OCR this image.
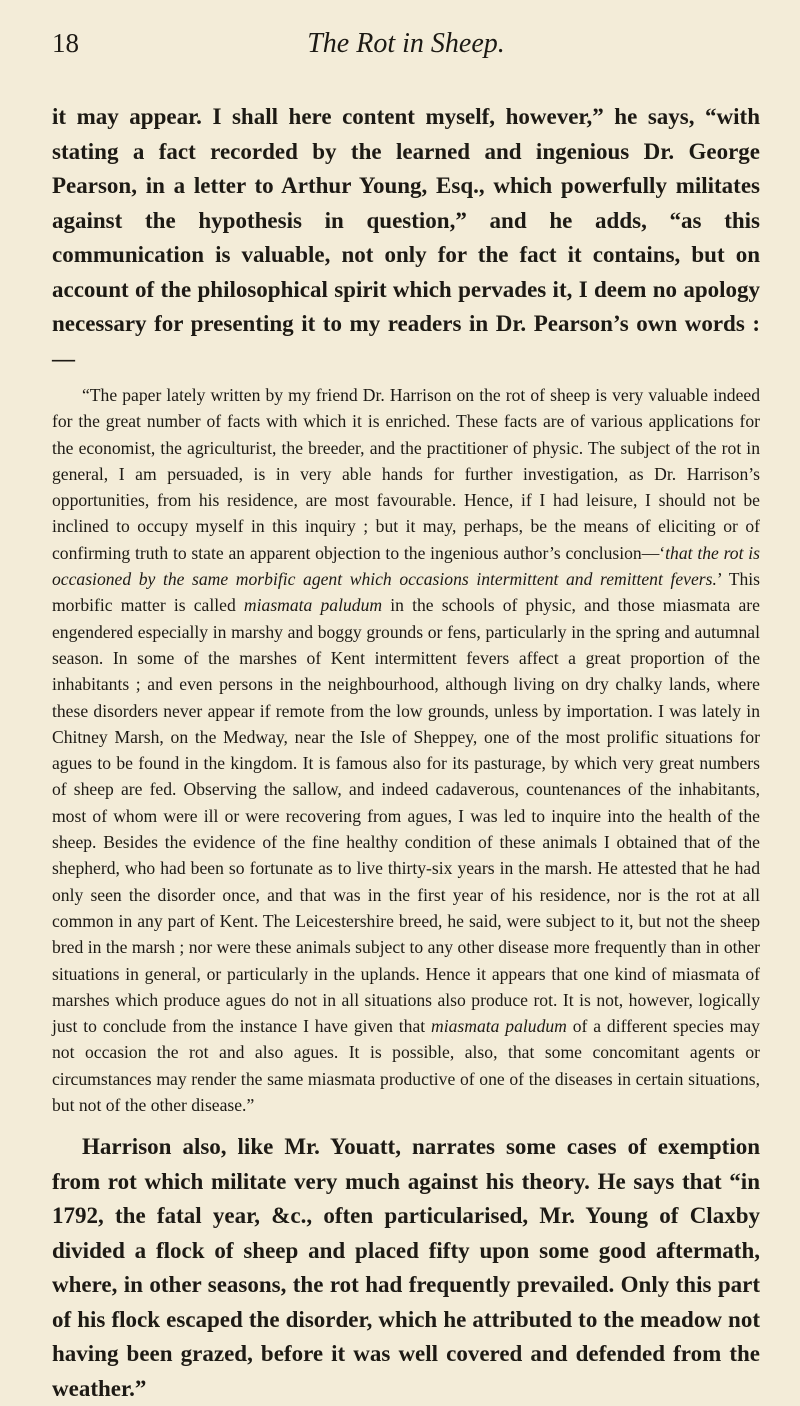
18	The Rot in Sheep.

it may appear. I shall here content myself, however,” he says, “with stating a fact recorded by the learned and ingenious Dr. George Pearson, in a letter to Arthur Young, Esq., which powerfully militates against the hypothesis in question,” and he adds, “as this communication is valuable, not only for the fact it contains, but on account of the philosophical spirit which pervades it, I deem no apology necessary for presenting it to my readers in Dr. Pearson’s own words :—

“The paper lately written by my friend Dr. Harrison on the rot of sheep is very valuable indeed for the great number of facts with which it is enriched. These facts are of various applications for the economist, the agriculturist, the breeder, and the practitioner of physic. The subject of the rot in general, I am persuaded, is in very able hands for further investigation, as Dr. Harrison’s opportunities, from his residence, are most favourable. Hence, if I had leisure, I should not be inclined to occupy myself in this inquiry ; but it may, perhaps, be the means of eliciting or of confirming truth to state an apparent objection to the ingenious author’s conclusion—‘that the rot is occasioned by the same morbific agent which occasions intermittent and remittent fevers.’ This morbific matter is called miasmata paludum in the schools of physic, and those miasmata are engendered especially in marshy and boggy grounds or fens, particularly in the spring and autumnal season. In some of the marshes of Kent intermittent fevers affect a great proportion of the inhabitants ; and even persons in the neighbourhood, although living on dry chalky lands, where these disorders never appear if remote from the low grounds, unless by importation. I was lately in Chitney Marsh, on the Medway, near the Isle of Sheppey, one of the most prolific situations for agues to be found in the kingdom. It is famous also for its pasturage, by which very great numbers of sheep are fed. Observing the sallow, and indeed cadaverous, countenances of the inhabitants, most of whom were ill or were recovering from agues, I was led to inquire into the health of the sheep. Besides the evidence of the fine healthy condition of these animals I obtained that of the shepherd, who had been so fortunate as to live thirty-six years in the marsh. He attested that he had only seen the disorder once, and that was in the first year of his residence, nor is the rot at all common in any part of Kent. The Leicestershire breed, he said, were subject to it, but not the sheep bred in the marsh ; nor were these animals subject to any other disease more frequently than in other situations in general, or particularly in the uplands. Hence it appears that one kind of miasmata of marshes which produce agues do not in all situations also produce rot. It is not, however, logically just to conclude from the instance I have given that miasmata paludum of a different species may not occasion the rot and also agues. It is possible, also, that some concomitant agents or circumstances may render the same miasmata productive of one of the diseases in certain situations, but not of the other disease.”

Harrison also, like Mr. Youatt, narrates some cases of exemption from rot which militate very much against his theory. He says that “in 1792, the fatal year, &c., often particularised, Mr. Young of Claxby divided a flock of sheep and placed fifty upon some good aftermath, where, in other seasons, the rot had frequently prevailed. Only this part of his flock escaped the disorder, which he attributed to the meadow not having been grazed, before it was well covered and defended from the weather.”
